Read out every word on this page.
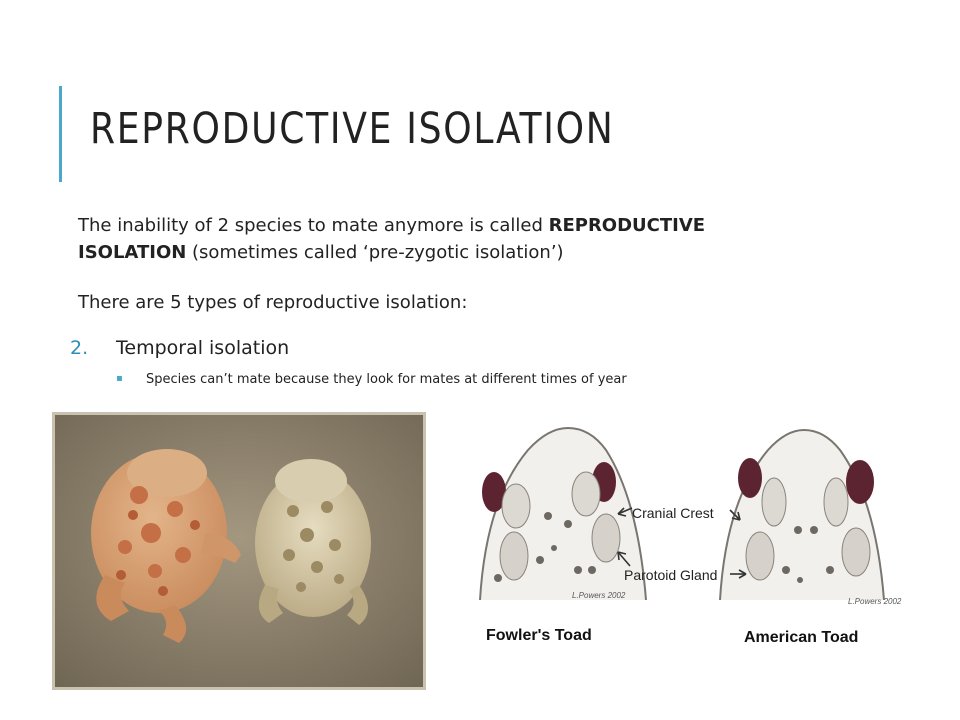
REPRODUCTIVE ISOLATION

The inability of 2 species to mate anymore is called REPRODUCTIVE ISOLATION (sometimes called ‘pre-zygotic isolation’)

There are 5 types of reproductive isolation:

2. Temporal isolation
▪ Species can’t mate because they look for mates at different times of year
Cranial Crest
Parotoid Gland
L.Powers 2002
L.Powers 2002
Fowler's Toad	American Toad
